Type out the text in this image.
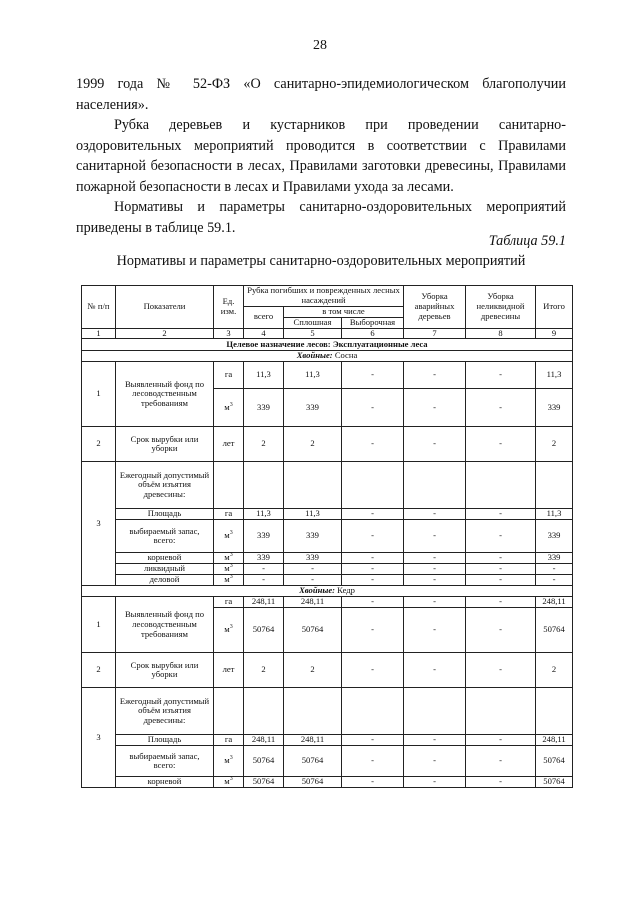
28

1999 года № 52-ФЗ «О санитарно-эпидемиологическом благополучии населения».

Рубка деревьев и кустарников при проведении санитарно-оздоровительных мероприятий проводится в соответствии с Правилами санитарной безопасности в лесах, Правилами заготовки древесины, Правилами пожарной безопасности в лесах и Правилами ухода за лесами.

Нормативы и параметры санитарно-оздоровительных мероприятий приведены в таблице 59.1.

Таблица 59.1
Нормативы и параметры санитарно-оздоровительных мероприятий
№ п/п	Показатели	Ед. изм.	Рубка погибших и поврежденных лесных насаждений			Уборка аварийных деревьев	Уборка неликвидной древесины	Итого
			всего	в том числе				
				Сплошная	Выборочная			
1	2	3	4	5	6	7	8	9
Целевое назначение лесов: Эксплуатационные леса								
Хвойные: Сосна								
1	Выявленный фонд по лесоводственным требованиям	га	11,3	11,3	-	-	-	11,3
		$м^3$	339	339	-	-	-	339
2	Срок вырубки или уборки	лет	2	2	-	-	-	2
3	Ежегодный допустимый объём изъятия древесины:							
	Площадь	га	11,3	11,3	-	-	-	11,3
	выбираемый запас, всего:	$м^3$	339	339	-	-	-	339
	корневой	$м^3$	339	339	-	-	-	339
	ликвидный	$м^3$	-	-	-	-	-	-
	деловой	$м^3$	-	-	-	-	-	-
Хвойные: Кедр								
1	Выявленный фонд по лесоводственным требованиям	га	248,11	248,11	-	-	-	248,11
		$м^3$	50764	50764	-	-	-	50764
2	Срок вырубки или уборки	лет	2	2	-	-	-	2
3	Ежегодный допустимый объём изъятия древесины:							
	Площадь	га	248,11	248,11	-	-	-	248,11
	выбираемый запас, всего:	$м^3$	50764	50764	-	-	-	50764
	корневой	$м^3$	50764	50764	-	-	-	50764
